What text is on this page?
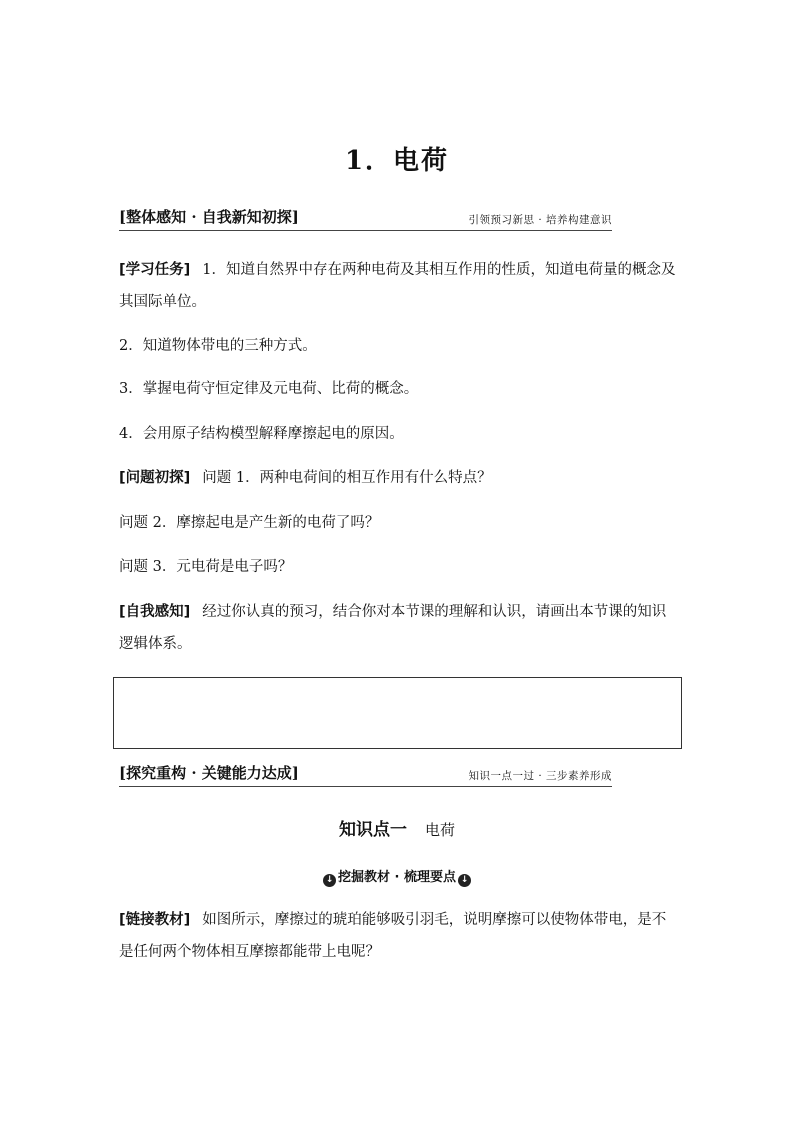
1．电荷
[整体感知 · 自我新知初探]	引领预习新思 · 培养构建意识
[学习任务] 1．知道自然界中存在两种电荷及其相互作用的性质，知道电荷量的概念及其国际单位。
2．知道物体带电的三种方式。
3．掌握电荷守恒定律及元电荷、比荷的概念。
4．会用原子结构模型解释摩擦起电的原因。
[问题初探] 问题 1．两种电荷间的相互作用有什么特点？
问题 2．摩擦起电是产生新的电荷了吗？
问题 3．元电荷是电子吗？
[自我感知] 经过你认真的预习，结合你对本节课的理解和认识，请画出本节课的知识逻辑体系。
[探究重构 · 关键能力达成]	知识一点一过 · 三步素养形成
知识点一 电荷
↓ 挖掘教材 · 梳理要点 ↓
[链接教材] 如图所示，摩擦过的琥珀能够吸引羽毛，说明摩擦可以使物体带电，是不是任何两个物体相互摩擦都能带上电呢？
